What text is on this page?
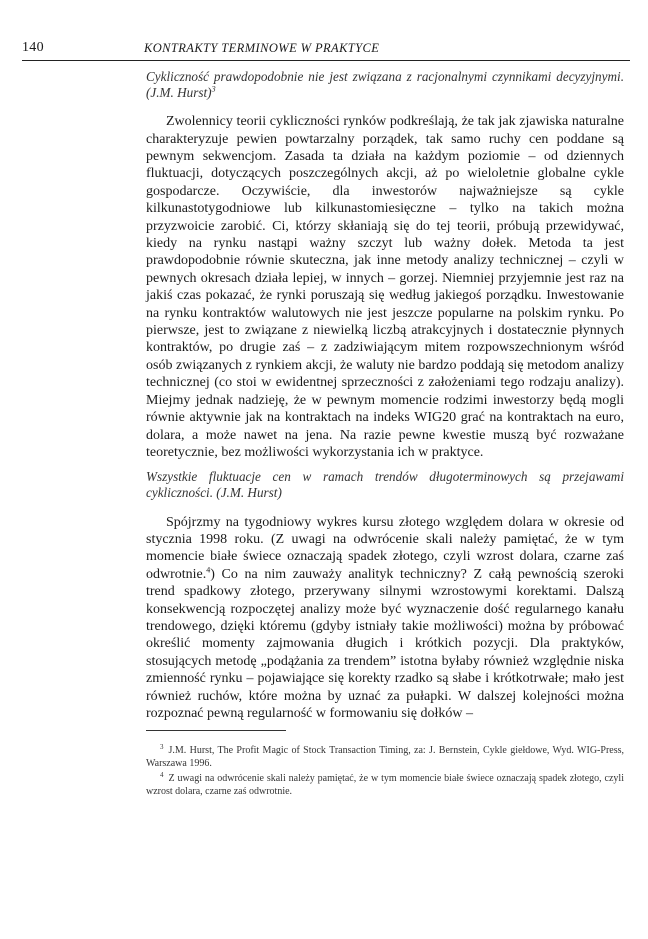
140	KONTRAKTY TERMINOWE W PRAKTYCE

Cykliczność prawdopodobnie nie jest związana z racjonalnymi czynnikami decyzyjnymi. (J.M. Hurst)$^3$

Zwolennicy teorii cykliczności rynków podkreślają, że tak jak zjawiska naturalne charakteryzuje pewien powtarzalny porządek, tak samo ruchy cen poddane są pewnym sekwencjom. Zasada ta działa na każdym poziomie – od dziennych fluktuacji, dotyczących poszczególnych akcji, aż po wieloletnie globalne cykle gospodarcze. Oczywiście, dla inwestorów najważniejsze są cykle kilkunastotygodniowe lub kilkunastomiesięczne – tylko na takich można przyzwoicie zarobić. Ci, którzy skłaniają się do tej teorii, próbują przewidywać, kiedy na rynku nastąpi ważny szczyt lub ważny dołek. Metoda ta jest prawdopodobnie równie skuteczna, jak inne metody analizy technicznej – czyli w pewnych okresach działa lepiej, w innych – gorzej. Niemniej przyjemnie jest raz na jakiś czas pokazać, że rynki poruszają się według jakiegoś porządku. Inwestowanie na rynku kontraktów walutowych nie jest jeszcze popularne na polskim rynku. Po pierwsze, jest to związane z niewielką liczbą atrakcyjnych i dostatecznie płynnych kontraktów, po drugie zaś – z zadziwiającym mitem rozpowszechnionym wśród osób związanych z rynkiem akcji, że waluty nie bardzo poddają się metodom analizy technicznej (co stoi w ewidentnej sprzeczności z założeniami tego rodzaju analizy). Miejmy jednak nadzieję, że w pewnym momencie rodzimi inwestorzy będą mogli równie aktywnie jak na kontraktach na indeks WIG20 grać na kontraktach na euro, dolara, a może nawet na jena. Na razie pewne kwestie muszą być rozważane teoretycznie, bez możliwości wykorzystania ich w praktyce.

Wszystkie fluktuacje cen w ramach trendów długoterminowych są przejawami cykliczności. (J.M. Hurst)

Spójrzmy na tygodniowy wykres kursu złotego względem dolara w okresie od stycznia 1998 roku. (Z uwagi na odwrócenie skali należy pamiętać, że w tym momencie białe świece oznaczają spadek złotego, czyli wzrost dolara, czarne zaś odwrotnie.$^4$) Co na nim zauważy analityk techniczny? Z całą pewnością szeroki trend spadkowy złotego, przerywany silnymi wzrostowymi korektami. Dalszą konsekwencją rozpoczętej analizy może być wyznaczenie dość regularnego kanału trendowego, dzięki któremu (gdyby istniały takie możliwości) można by próbować określić momenty zajmowania długich i krótkich pozycji. Dla praktyków, stosujących metodę „podążania za trendem” istotna byłaby również względnie niska zmienność rynku – pojawiające się korekty rzadko są słabe i krótkotrwałe; mało jest również ruchów, które można by uznać za pułapki. W dalszej kolejności można rozpoznać pewną regularność w formowaniu się dołków –

$^3$ J.M. Hurst, The Profit Magic of Stock Transaction Timing, za: J. Bernstein, Cykle giełdowe, Wyd. WIG-Press, Warszawa 1996.

$^4$ Z uwagi na odwrócenie skali należy pamiętać, że w tym momencie białe świece oznaczają spadek złotego, czyli wzrost dolara, czarne zaś odwrotnie.
